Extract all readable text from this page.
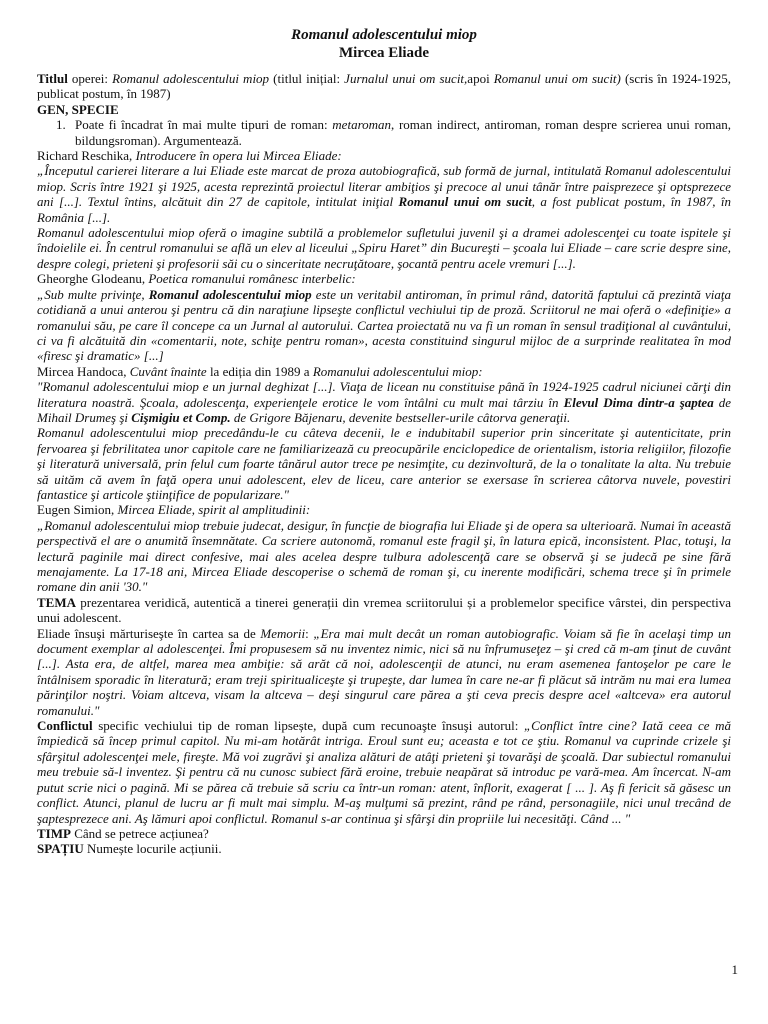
Romanul adolescentului miop
Mircea Eliade

Titlul operei: Romanul adolescentului miop (titlul inițial: Jurnalul unui om sucit,apoi Romanul unui om sucit) (scris în 1924-1925, publicat postum, în 1987)

GEN, SPECIE

1. Poate fi încadrat în mai multe tipuri de roman: metaroman, roman indirect, antiroman, roman despre scrierea unui roman, bildungsroman). Argumentează.

Richard Reschika, Introducere în opera lui Mircea Eliade:

„Începutul carierei literare a lui Eliade este marcat de proza autobiografică, sub formă de jurnal, intitulată Romanul adolescentului miop. Scris între 1921 şi 1925, acesta reprezintă proiectul literar ambiţios şi precoce al unui tânăr între paisprezece şi optsprezece ani [...]. Textul întins, alcătuit din 27 de capitole, intitulat iniţial Romanul unui om sucit, a fost publicat postum, în 1987, în România [...].

Romanul adolescentului miop oferă o imagine subtilă a problemelor sufletului juvenil şi a dramei adolescenţei cu toate ispitele şi îndoielile ei. În centrul romanului se află un elev al liceului „Spiru Haret” din Bucureşti – şcoala lui Eliade – care scrie despre sine, despre colegi, prieteni şi profesorii săi cu o sinceritate necruţătoare, şocantă pentru acele vremuri [...].

Gheorghe Glodeanu, Poetica romanului românesc interbelic:

„Sub multe privinţe, Romanul adolescentului miop este un veritabil antiroman, în primul rând, datorită faptului că prezintă viaţa cotidiană a unui anterou şi pentru că din naraţiune lipseşte conflictul vechiului tip de proză. Scriitorul ne mai oferă o «definiţie» a romanului său, pe care îl concepe ca un Jurnal al autorului. Cartea proiectată nu va fi un roman în sensul tradiţional al cuvântului, ci va fi alcătuită din «comentarii, note, schiţe pentru roman», acesta constituind singurul mijloc de a surprinde realitatea în mod «firesc şi dramatic» [...]

Mircea Handoca, Cuvânt înainte la ediția din 1989 a Romanului adolescentului miop:

"Romanul adolescentului miop e un jurnal deghizat [...]. Viaţa de licean nu constituise până în 1924-1925 cadrul niciunei cărţi din literatura noastră. Şcoala, adolescenţa, experienţele erotice le vom întâlni cu mult mai târziu în Elevul Dima dintr-a şaptea de Mihail Drumeş şi Cişmigiu et Comp. de Grigore Băjenaru, devenite bestseller-urile câtorva generaţii.

Romanul adolescentului miop precedându-le cu câteva decenii, le e indubitabil superior prin sinceritate şi autenticitate, prin fervoarea şi febrilitatea unor capitole care ne familiarizează cu preocupările enciclopedice de orientalism, istoria religiilor, filozofie şi literatură universală, prin felul cum foarte tânărul autor trece pe nesimţite, cu dezinvoltură, de la o tonalitate la alta. Nu trebuie să uităm că avem în faţă opera unui adolescent, elev de liceu, care anterior se exersase în scrierea câtorva nuvele, povestiri fantastice şi articole ştiinţifice de popularizare."

Eugen Simion, Mircea Eliade, spirit al amplitudinii:

„Romanul adolescentului miop trebuie judecat, desigur, în funcţie de biografia lui Eliade şi de opera sa ulterioară. Numai în această perspectivă el are o anumită însemnătate. Ca scriere autonomă, romanul este fragil şi, în latura epică, inconsistent. Plac, totuşi, la lectură paginile mai direct confesive, mai ales acelea despre tulbura adolescenţă care se observă şi se judecă pe sine fără menajamente. La 17-18 ani, Mircea Eliade descoperise o schemă de roman şi, cu inerente modificări, schema trece şi în primele romane din anii '30."

TEMA prezentarea veridică, autentică a tinerei generații din vremea scriitorului și a problemelor specifice vârstei, din perspectiva unui adolescent.

Eliade însuşi mărturiseşte în cartea sa de Memorii: „Era mai mult decât un roman autobiografic. Voiam să fie în acelaşi timp un document exemplar al adolescenţei. Îmi propusesem să nu inventez nimic, nici să nu înfrumuseţez – şi cred că m-am ţinut de cuvânt [...]. Asta era, de altfel, marea mea ambiţie: să arăt că noi, adolescenţii de atunci, nu eram asemenea fantoşelor pe care le întâlnisem sporadic în literatură; eram treji spiritualiceşte şi trupeşte, dar lumea în care ne-ar fi plăcut să intrăm nu mai era lumea părinţilor noştri. Voiam altceva, visam la altceva – deşi singurul care părea a şti ceva precis despre acel «altceva» era autorul romanului."

Conflictul specific vechiului tip de roman lipsește, după cum recunoaşte însuşi autorul: „Conflict între cine? Iată ceea ce mă împiedică să încep primul capitol. Nu mi-am hotărât intriga. Eroul sunt eu; aceasta e tot ce ştiu. Romanul va cuprinde crizele şi sfârşitul adolescenţei mele, fireşte. Mă voi zugrăvi şi analiza alături de atâţi prieteni şi tovarăşi de şcoală. Dar subiectul romanului meu trebuie să-l inventez. Şi pentru că nu cunosc subiect fără eroine, trebuie neapărat să introduc pe vară-mea. Am încercat. N-am putut scrie nici o pagină. Mi se părea că trebuie să scriu ca într-un roman: atent, înflorit, exagerat [ ... ]. Aş fi fericit să găsesc un conflict. Atunci, planul de lucru ar fi mult mai simplu. M-aş mulţumi să prezint, rând pe rând, personagiile, nici unul trecând de şaptesprezece ani. Aş lămuri apoi conflictul. Romanul s-ar continua şi sfârşi din propriile lui necesităţi. Când ... "

TIMP Când se petrece acțiunea?

SPAȚIU Numește locurile acțiunii.

1
